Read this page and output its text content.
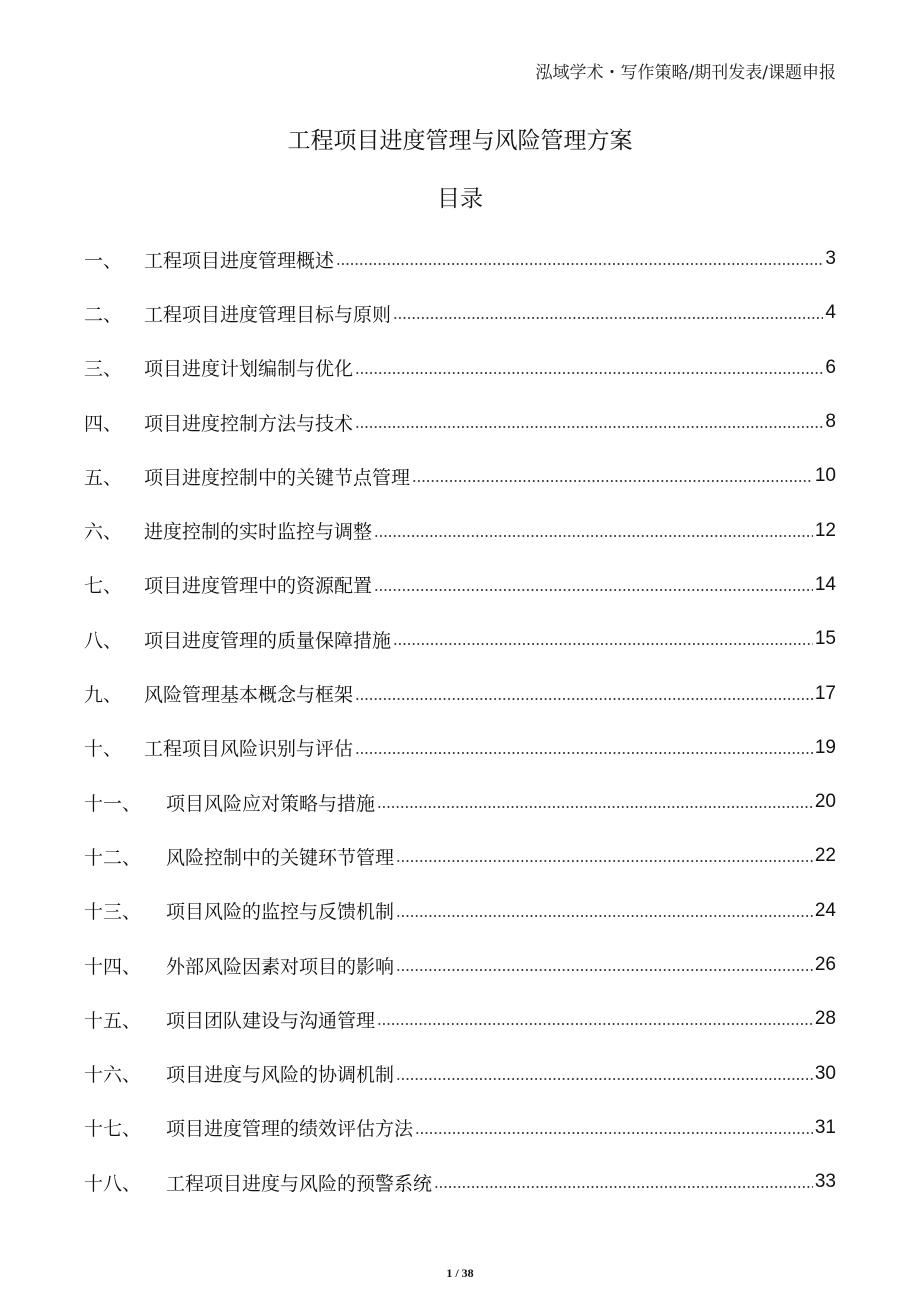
泓域学术・写作策略/期刊发表/课题申报
工程项目进度管理与风险管理方案
目录
一、	工程项目进度管理概述	3
二、	工程项目进度管理目标与原则	4
三、	项目进度计划编制与优化	6
四、	项目进度控制方法与技术	8
五、	项目进度控制中的关键节点管理	10
六、	进度控制的实时监控与调整	12
七、	项目进度管理中的资源配置	14
八、	项目进度管理的质量保障措施	15
九、	风险管理基本概念与框架	17
十、	工程项目风险识别与评估	19
十一、	项目风险应对策略与措施	20
十二、	风险控制中的关键环节管理	22
十三、	项目风险的监控与反馈机制	24
十四、	外部风险因素对项目的影响	26
十五、	项目团队建设与沟通管理	28
十六、	项目进度与风险的协调机制	30
十七、	项目进度管理的绩效评估方法	31
十八、	工程项目进度与风险的预警系统	33
1 / 38
